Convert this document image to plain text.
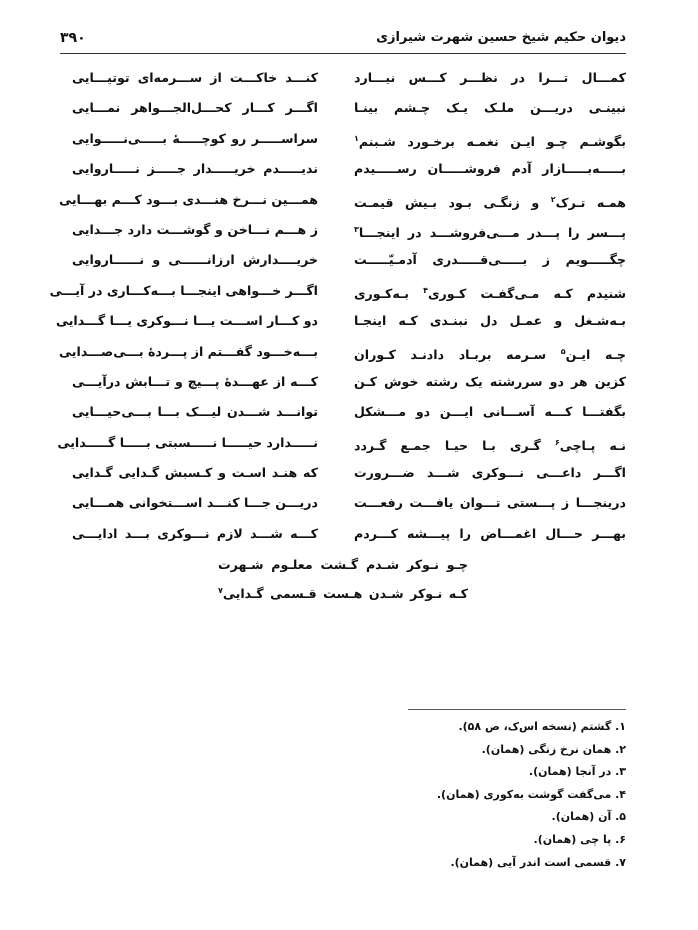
دیوان حکیم شیخ حسین شهرت شیرازی
۳۹۰
کمـــال تـــرا در نظـــر کـــس نيـــارد
کنـــد خاکـــت از ســـرمه‌ای توتيـــايی
نبينـی دريـــن ملـک يـک چـشم بينـا
اگـــر کـــار کحـــل‌الجـــواهر نمـــايی
بگوشـم چـو ايـن نغمـه برخـورد شـبنم$^۱$
سراســـــر رو کوچـــــهٔ بـــــی‌نـــــوايی
بـــــه‌بـــــازار آدم فروشـــــان رســـــيدم
نديـــــدم خريـــــدار جـــــز نـــــاروايی
همـه تـرک$^۲$ و زنگـی بـود بـيش قيمـت
همـــين نـــرخ هنـــدی بـــود کـــم بهـــايی
پـــسر را پـــدر مـــی‌فروشـــد در اينجـــا$^۳$
ز هـــم نـــاخن و گوشـــت دارد جـــدايی
چگـــــويم ز بـــــی‌قـــــدری آدمـيّـــــت
خريــــدارش ارزانــــــی و نــــــاروايی
شنيدم کـه مـی‌گفـت کـوری$^۴$ بـه‌کـوری
اگـــر خـــواهی اينجـــا بـــه‌کـــاری در آيـــی
بـه‌شـغل و عمـل دل نبنـدی کـه اينجـا
دو کـــار اســـت يـــا نـــوکری يـــا گـــدايی
چـه ايـن$^۵$ سـرمه بربـاد دادنـد کـوران
بـــه‌خـــود گفـــتم از پـــردهٔ بـــی‌صـــدايی
کزين هر دو سررشته يک رشته خوش کـن
کـــه از عهـــدهٔ پـــيچ و تـــابش درآيـــی
بگفتـــا کـــه آســـانی ايـــن دو مـــشکل
توانـــد شـــدن ليـــک بـــا بـــی‌حيـــايی
نـه پـاچی$^۶$ گـری بـا حيـا جمـع گـردد
نـــــدارد حيـــــا نـــــسبتی بـــــا گـــــدايی
اگـــر داعـــی نـــوکری شـــد ضـــرورت
که هنـد اسـت و کـسبش گـدايی گـدايی
درينجـــا ز پـــستی تـــوان يافـــت رفعـــت
دريـــن جـــا کنـــد اســـتخوانی همـــايی
بهـــر حـــال اغمـــاض را پيـــشه کـــردم
کـــه شـــد لازم نـــوکری بـــد ادايـــی
چـو نـوکر شـدم گـشت معلـوم شـهرت
کـه نـوکر شـدن هـست قـسمی گـدايی$^۷$
۱. گشتم (نسخه اس‌ک، ص ۵۸).
۲. همان نرخ زنگی (همان).
۳. در آنجا (همان).
۴. می‌گفت گوشت به‌کوری (همان).
۵. آن (همان).
۶. پا چی (همان).
۷. قسمی است اندر آیی (همان).
